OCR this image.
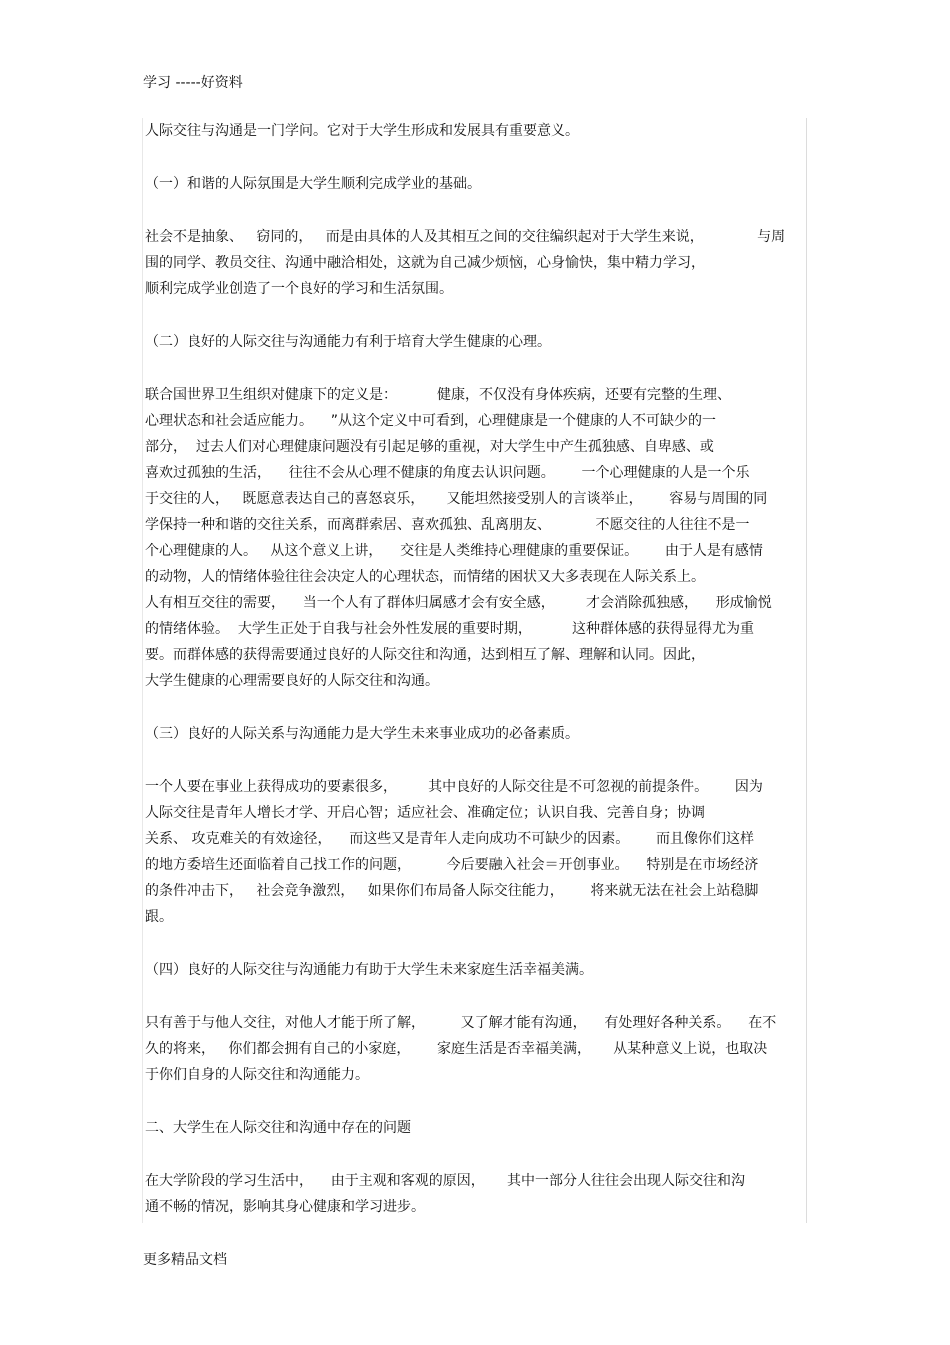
学习 -----好资料
人际交往与沟通是一门学问。它对于大学生形成和发展具有重要意义。
（一）和谐的人际氛围是大学生顺利完成学业的基础。
社会不是抽象、   窃同的，   而是由具体的人及其相互之间的交往编织起对于大学生来说，            与周
围的同学、教员交往、沟通中融洽相处，这就为自己减少烦恼，心身愉快，集中精力学习，
顺利完成学业创造了一个良好的学习和生活氛围。
（二）良好的人际交往与沟通能力有利于培育大学生健康的心理。
联合国世界卫生组织对健康下的定义是：         健康，不仅没有身体疾病，还要有完整的生理、
心理状态和社会适应能力。    ”从这个定义中可看到，心理健康是一个健康的人不可缺少的一
部分，  过去人们对心理健康问题没有引起足够的重视，对大学生中产生孤独感、自卑感、或
喜欢过孤独的生活，    往往不会从心理不健康的角度去认识问题。      一个心理健康的人是一个乐
于交往的人，   既愿意表达自己的喜怒哀乐，     又能坦然接受别人的言谈举止，      容易与周围的同
学保持一种和谐的交往关系，而离群索居、喜欢孤独、乱离朋友、          不愿交往的人往往不是一
个心理健康的人。   从这个意义上讲，    交往是人类维持心理健康的重要保证。      由于人是有感情
的动物，人的情绪体验往往会决定人的心理状态，而情绪的困状又大多表现在人际关系上。
人有相互交往的需要，    当一个人有了群体归属感才会有安全感，       才会消除孤独感，    形成愉悦
的情绪体验。  大学生正处于自我与社会外性发展的重要时期，         这种群体感的获得显得尤为重
要。而群体感的获得需要通过良好的人际交往和沟通，达到相互了解、理解和认同。因此，
大学生健康的心理需要良好的人际交往和沟通。
（三）良好的人际关系与沟通能力是大学生未来事业成功的必备素质。
一个人要在事业上获得成功的要素很多，       其中良好的人际交往是不可忽视的前提条件。      因为
人际交往是青年人增长才学、开启心智；适应社会、准确定位；认识自我、完善自身；协调
关系、 攻克难关的有效途径，    而这些又是青年人走向成功不可缺少的因素。      而且像你们这样
的地方委培生还面临着自己找工作的问题，        今后要融入社会＝开创事业。    特别是在市场经济
的条件冲击下，   社会竞争激烈，   如果你们布局备人际交往能力，      将来就无法在社会上站稳脚
跟。
（四）良好的人际交往与沟通能力有助于大学生未来家庭生活幸福美满。
只有善于与他人交往，对他人才能于所了解，        又了解才能有沟通，    有处理好各种关系。    在不
久的将来，   你们都会拥有自己的小家庭，      家庭生活是否幸福美满，     从某种意义上说，也取决
于你们自身的人际交往和沟通能力。
二、大学生在人际交往和沟通中存在的问题
在大学阶段的学习生活中，    由于主观和客观的原因，     其中一部分人往往会出现人际交往和沟
通不畅的情况，影响其身心健康和学习进步。
更多精品文档
